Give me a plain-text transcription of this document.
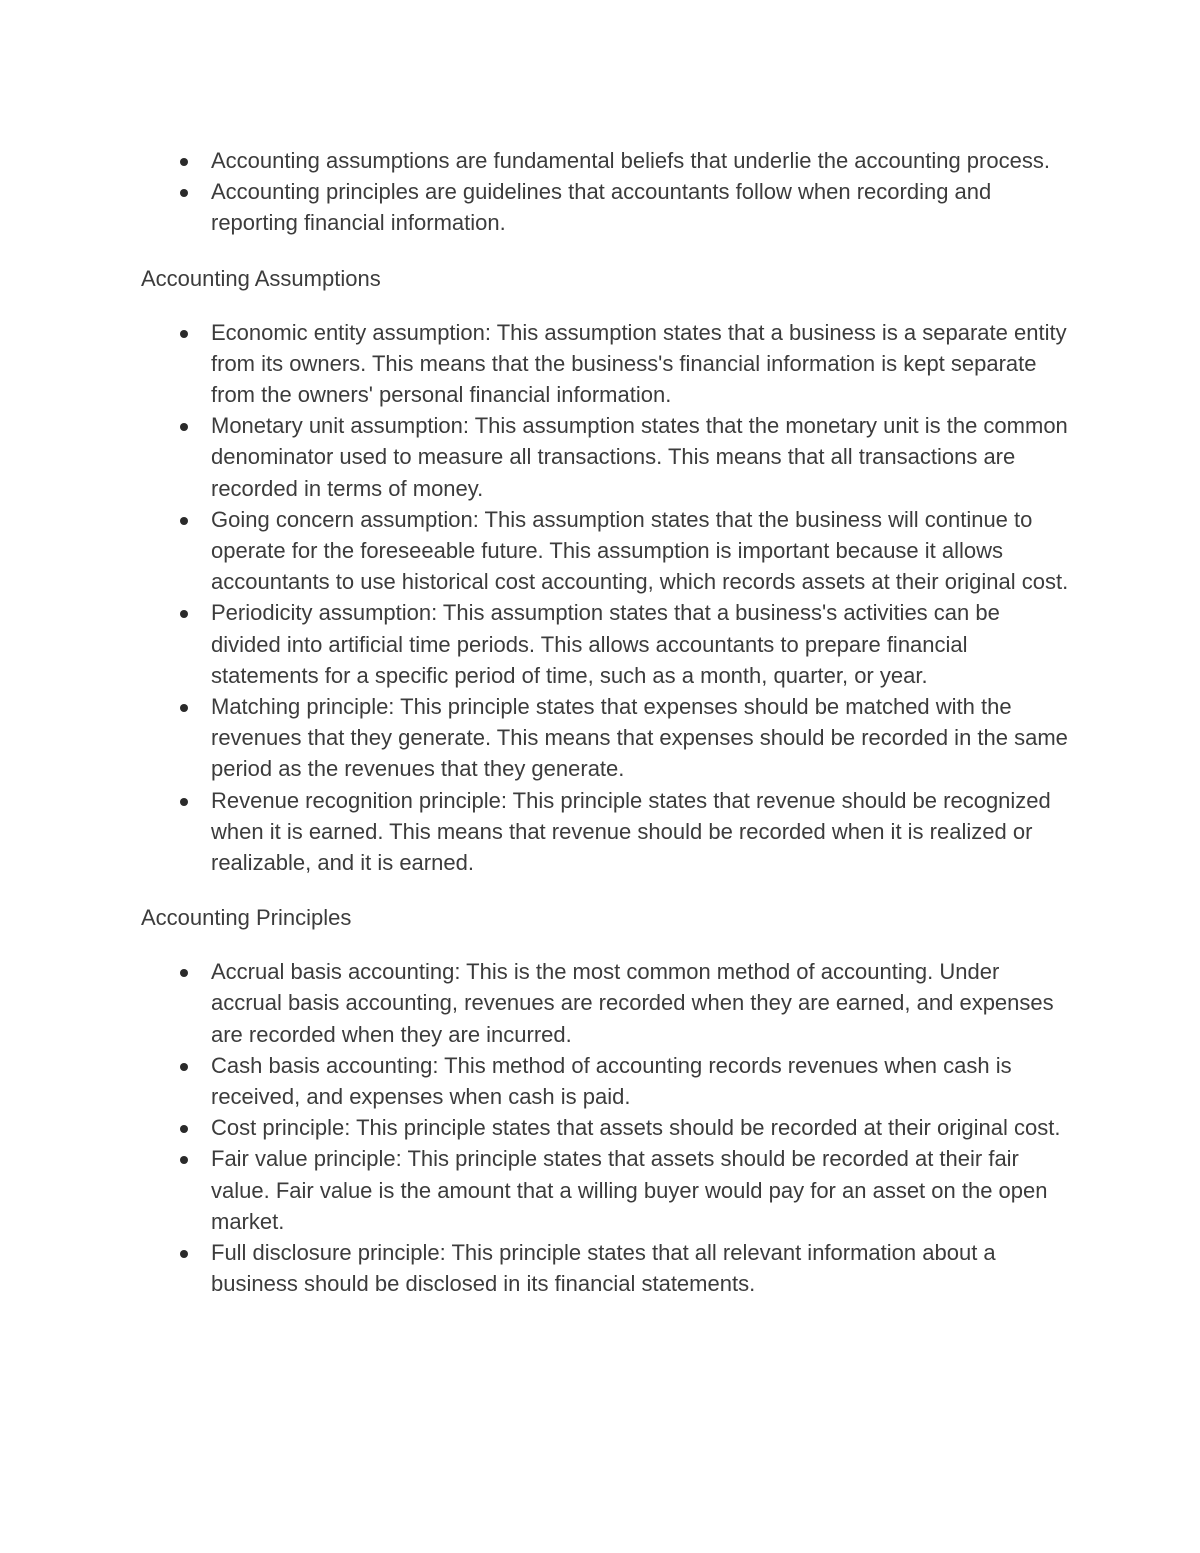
Accounting assumptions are fundamental beliefs that underlie the accounting process.
Accounting principles are guidelines that accountants follow when recording and reporting financial information.

Accounting Assumptions

Economic entity assumption: This assumption states that a business is a separate entity from its owners. This means that the business's financial information is kept separate from the owners' personal financial information.
Monetary unit assumption: This assumption states that the monetary unit is the common denominator used to measure all transactions. This means that all transactions are recorded in terms of money.
Going concern assumption: This assumption states that the business will continue to operate for the foreseeable future. This assumption is important because it allows accountants to use historical cost accounting, which records assets at their original cost.
Periodicity assumption: This assumption states that a business's activities can be divided into artificial time periods. This allows accountants to prepare financial statements for a specific period of time, such as a month, quarter, or year.
Matching principle: This principle states that expenses should be matched with the revenues that they generate. This means that expenses should be recorded in the same period as the revenues that they generate.
Revenue recognition principle: This principle states that revenue should be recognized when it is earned. This means that revenue should be recorded when it is realized or realizable, and it is earned.

Accounting Principles

Accrual basis accounting: This is the most common method of accounting. Under accrual basis accounting, revenues are recorded when they are earned, and expenses are recorded when they are incurred.
Cash basis accounting: This method of accounting records revenues when cash is received, and expenses when cash is paid.
Cost principle: This principle states that assets should be recorded at their original cost.
Fair value principle: This principle states that assets should be recorded at their fair value. Fair value is the amount that a willing buyer would pay for an asset on the open market.
Full disclosure principle: This principle states that all relevant information about a business should be disclosed in its financial statements.
